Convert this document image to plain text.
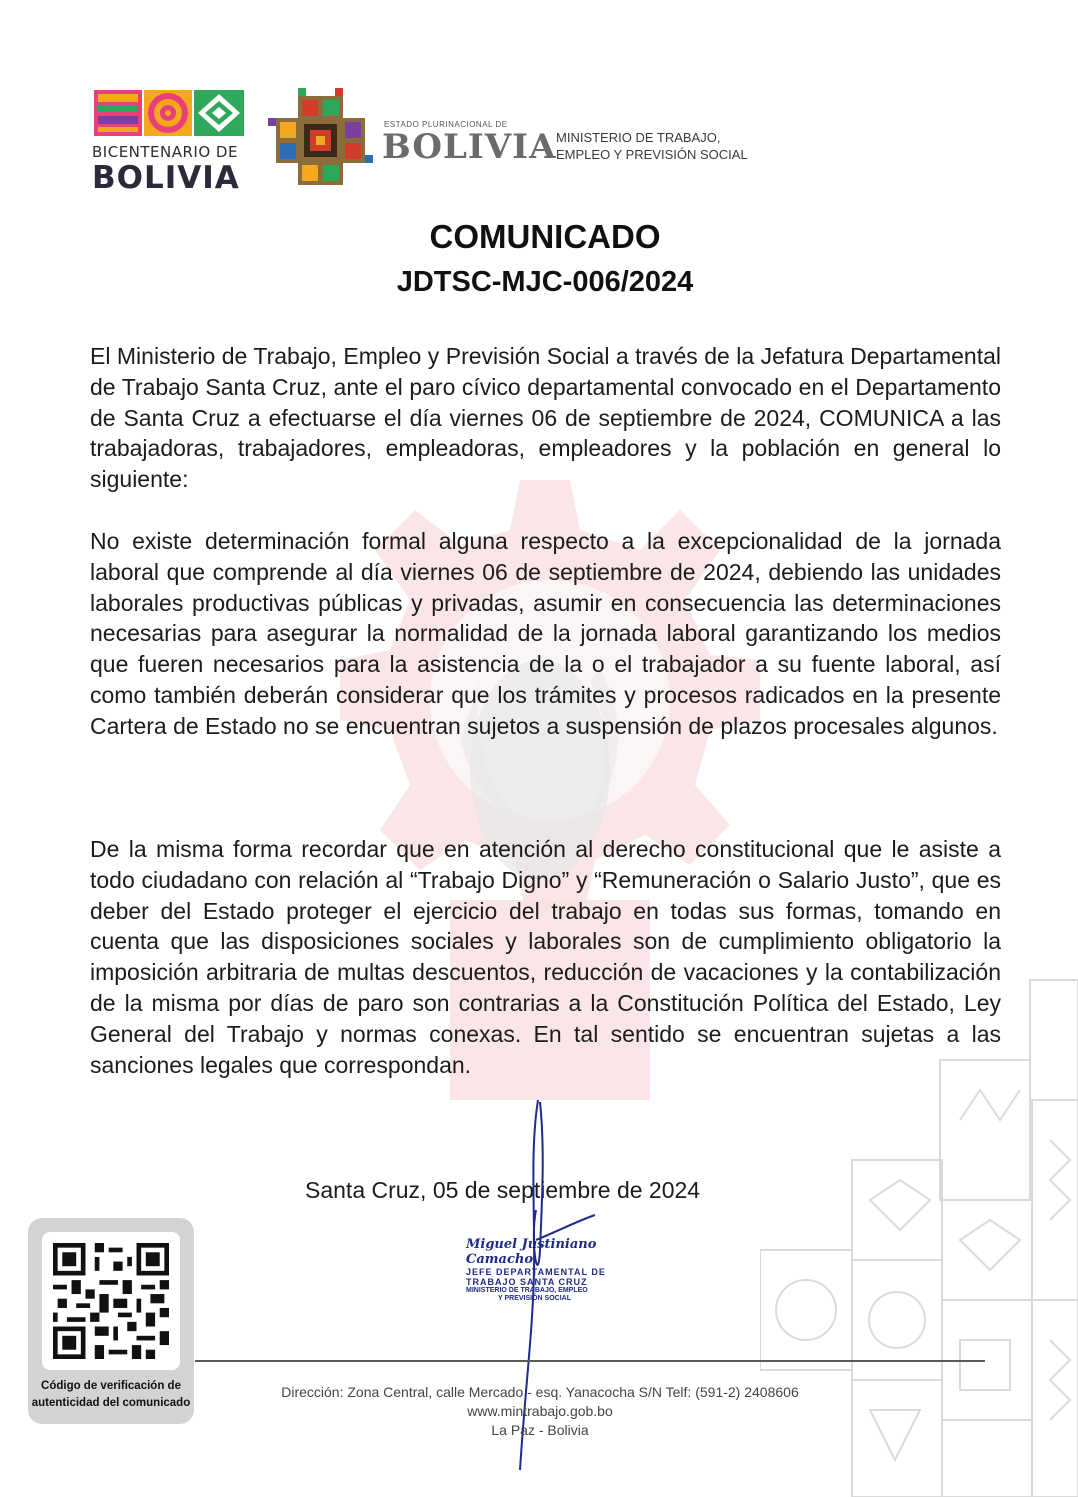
BICENTENARIO DE
BOLIVIA
ESTADO PLURINACIONAL DE
BOLIVIA MINISTERIO DE TRABAJO,
EMPLEO Y PREVISIÓN SOCIAL
COMUNICADO
JDTSC-MJC-006/2024

El Ministerio de Trabajo, Empleo y Previsión Social a través de la Jefatura Departamental de Trabajo Santa Cruz, ante el paro cívico departamental convocado en el Departamento de Santa Cruz a efectuarse el día viernes 06 de septiembre de 2024, COMUNICA a las trabajadoras, trabajadores, empleadoras, empleadores y la población en general lo siguiente:

No existe determinación formal alguna respecto a la excepcionalidad de la jornada laboral que comprende al día viernes 06 de septiembre de 2024, debiendo las unidades laborales productivas públicas y privadas, asumir en consecuencia las determinaciones necesarias para asegurar la normalidad de la jornada laboral garantizando los medios que fueren necesarios para la asistencia de la o el trabajador a su fuente laboral, así como también deberán considerar que los trámites y procesos radicados en la presente Cartera de Estado no se encuentran sujetos a suspensión de plazos procesales algunos.

De la misma forma recordar que en atención al derecho constitucional que le asiste a todo ciudadano con relación al “Trabajo Digno” y “Remuneración o Salario Justo”, que es deber del Estado proteger el ejercicio del trabajo en todas sus formas, tomando en cuenta que las disposiciones sociales y laborales son de cumplimiento obligatorio la imposición arbitraria de multas descuentos, reducción de vacaciones y la contabilización de la misma por días de paro son contrarias a la Constitución Política del Estado, Ley General del Trabajo y normas conexas. En tal sentido se encuentran sujetas a las sanciones legales que correspondan.

Santa Cruz, 05 de septiembre de 2024
Miguel Justiniano Camacho
JEFE DEPARTAMENTAL DE
TRABAJO SANTA CRUZ
MINISTERIO DE TRABAJO, EMPLEO
Y PREVISIÓN SOCIAL
Código de verificación de
autenticidad del comunicado
Dirección: Zona Central, calle Mercado - esq. Yanacocha S/N Telf: (591-2) 2408606
www.mintrabajo.gob.bo
La Paz - Bolivia
